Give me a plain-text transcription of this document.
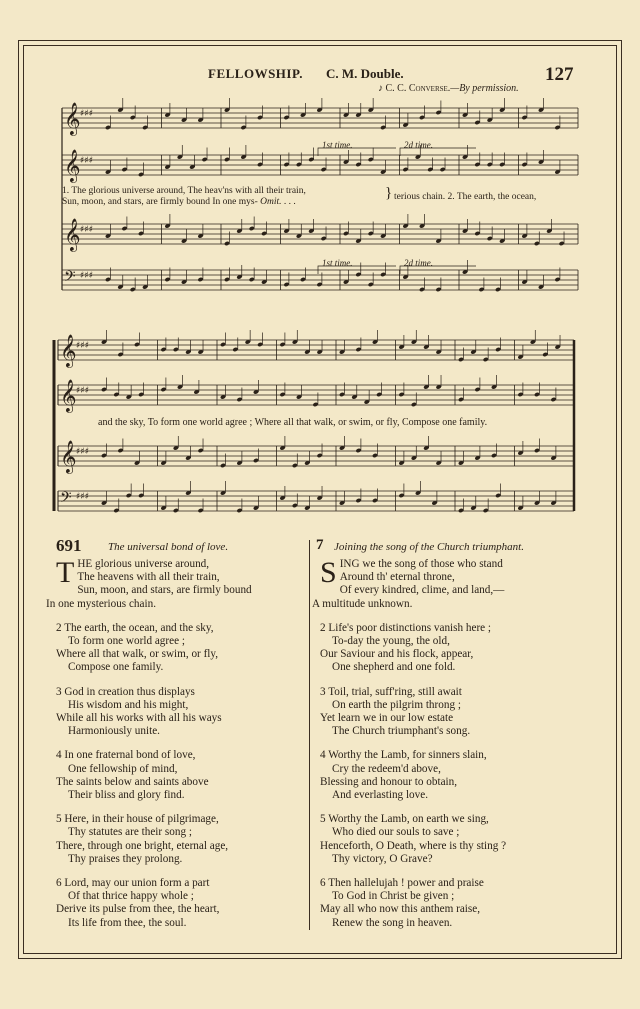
FELLOWSHIP. C. M. Double.	127
♪ C. C. Converse.—By permission.
𝄞 ♯♯♯
𝄞 ♯♯♯
𝄞 ♯♯♯
𝄢 ♯♯♯
𝄞 ♯♯♯
𝄞 ♯♯♯
𝄞 ♯♯♯
𝄢 ♯♯♯
1st time.	2d time.
1st time.	2d time.
1. The glorious universe around, The heav'ns with all their train,
Sun, moon, and stars, are firmly bound In one mys- Omit. . . .
} terious chain. 2. The earth, the ocean,
and the sky, To form one world agree ; Where all that walk, or swim, or fly, Compose one family.
691 The universal bond of love.
T HE glorious universe around,
The heavens with all their train,
Sun, moon, and stars, are firmly bound
In one mysterious chain.
2 The earth, the ocean, and the sky,
To form one world agree ;
Where all that walk, or swim, or fly,
Compose one family.
3 God in creation thus displays
His wisdom and his might,
While all his works with all his ways
Harmoniously unite.
4 In one fraternal bond of love,
One fellowship of mind,
The saints below and saints above
Their bliss and glory find.
5 Here, in their house of pilgrimage,
Thy statutes are their song ;
There, through one bright, eternal age,
Thy praises they prolong.
6 Lord, may our union form a part
Of that thrice happy whole ;
Derive its pulse from thee, the heart,
Its life from thee, the soul.
7 Joining the song of the Church triumphant.
S ING we the song of those who stand
Around th' eternal throne,
Of every kindred, clime, and land,—
A multitude unknown.
2 Life's poor distinctions vanish here ;
To-day the young, the old,
Our Saviour and his flock, appear,
One shepherd and one fold.
3 Toil, trial, suff'ring, still await
On earth the pilgrim throng ;
Yet learn we in our low estate
The Church triumphant's song.
4 Worthy the Lamb, for sinners slain,
Cry the redeem'd above,
Blessing and honour to obtain,
And everlasting love.
5 Worthy the Lamb, on earth we sing,
Who died our souls to save ;
Henceforth, O Death, where is thy sting ?
Thy victory, O Grave?
6 Then hallelujah ! power and praise
To God in Christ be given ;
May all who now this anthem raise,
Renew the song in heaven.
